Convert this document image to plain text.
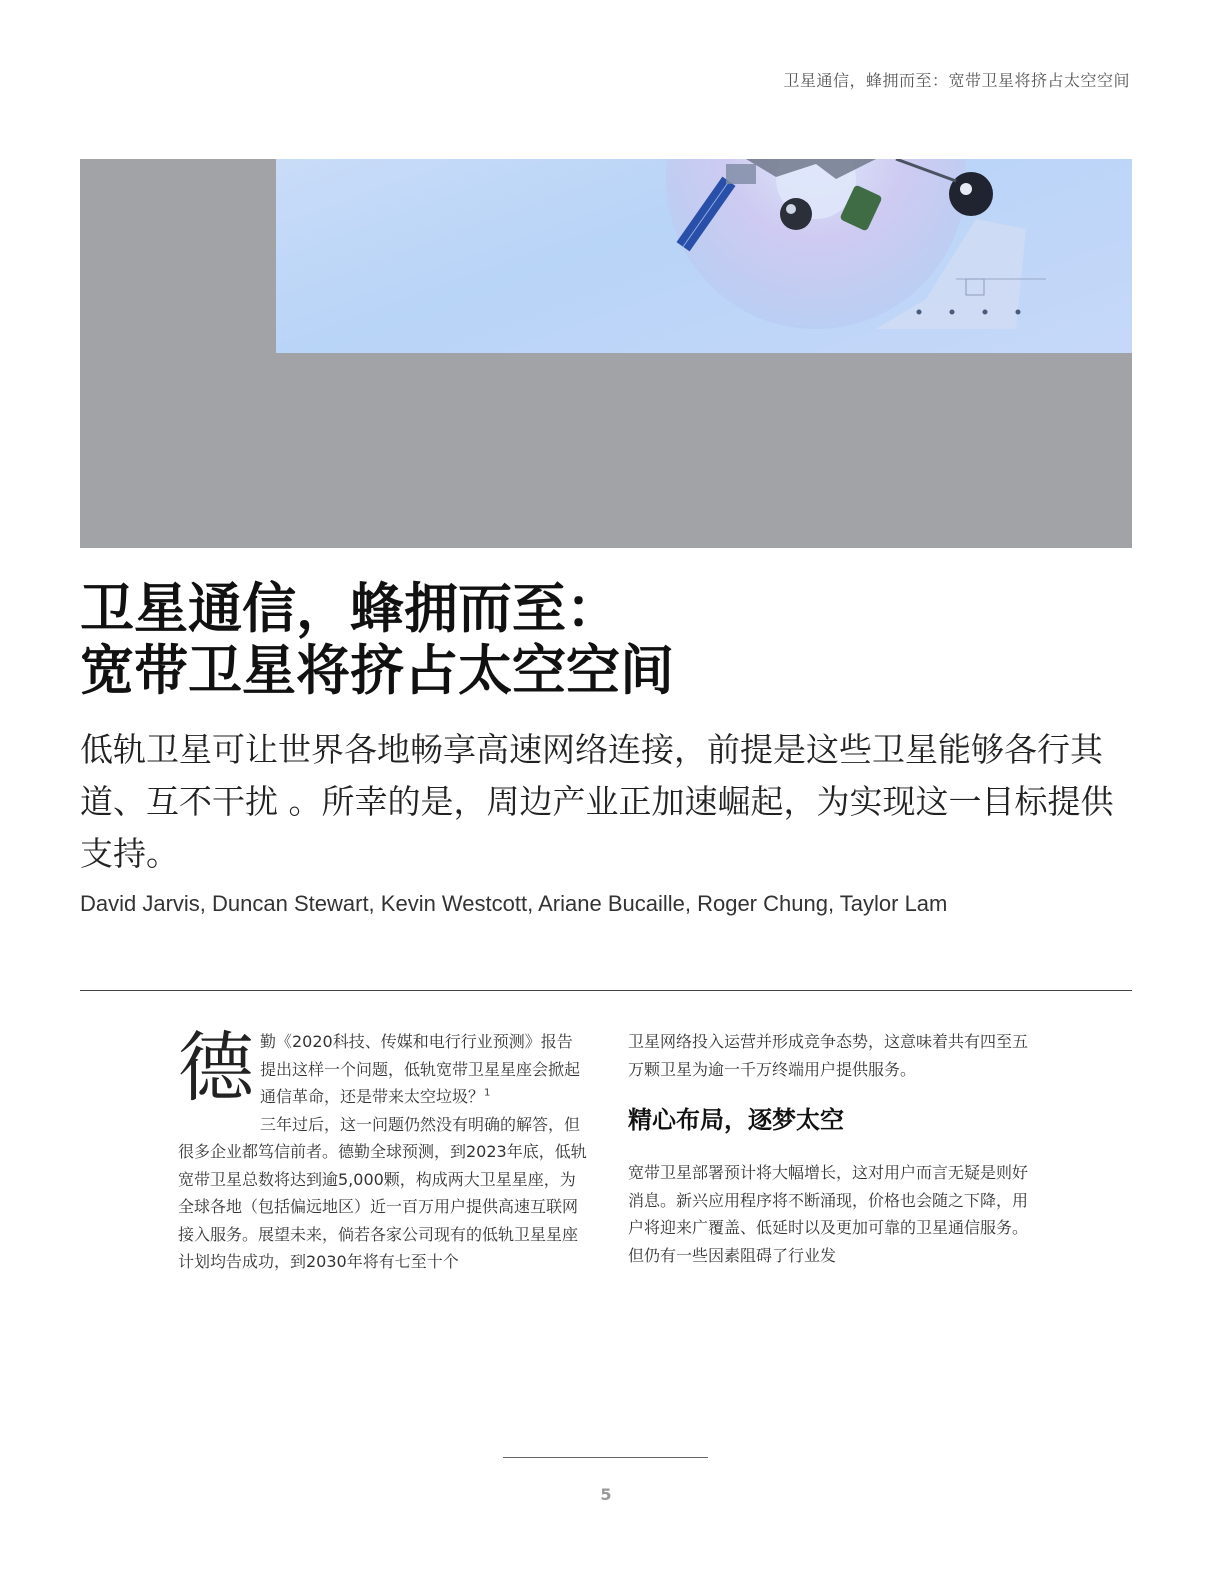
卫星通信，蜂拥而至：宽带卫星将挤占太空空间
卫星通信，蜂拥而至：
宽带卫星将挤占太空空间

低轨卫星可让世界各地畅享高速网络连接，前提是这些卫星能够各行其道、互不干扰 。所幸的是，周边产业正加速崛起，为实现这一目标提供支持。

David Jarvis, Duncan Stewart, Kevin Westcott, Ariane Bucaille, Roger Chung, Taylor Lam

德勤《2020科技、传媒和电行行业预测》报告提出这样一个问题，低轨宽带卫星星座会掀起通信革命，还是带来太空垃圾？$^1$
三年过后，这一问题仍然没有明确的解答，但很多企业都笃信前者。德勤全球预测，到2023年底，低轨宽带卫星总数将达到逾5,000颗，构成两大卫星星座，为全球各地（包括偏远地区）近一百万用户提供高速互联网接入服务。展望未来，倘若各家公司现有的低轨卫星星座计划均告成功，到2030年将有七至十个

卫星网络投入运营并形成竞争态势，这意味着共有四至五万颗卫星为逾一千万终端用户提供服务。

精心布局，逐梦太空

宽带卫星部署预计将大幅增长，这对用户而言无疑是则好消息。新兴应用程序将不断涌现，价格也会随之下降，用户将迎来广覆盖、低延时以及更加可靠的卫星通信服务。但仍有一些因素阻碍了行业发

5
